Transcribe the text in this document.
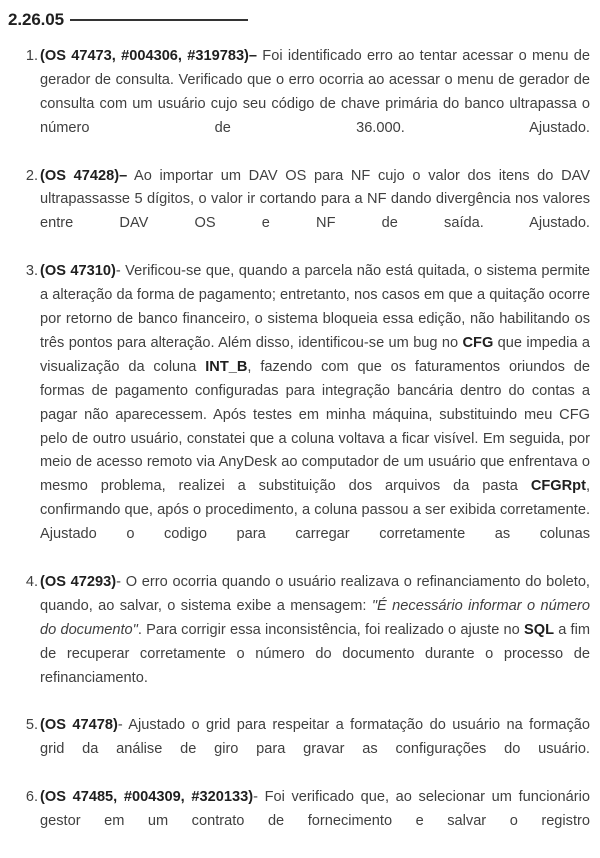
2.26.05
1. (OS 47473, #004306, #319783)– Foi identificado erro ao tentar acessar o menu de gerador de consulta. Verificado que o erro ocorria ao acessar o menu de gerador de consulta com um usuário cujo seu código de chave primária do banco ultrapassa o número de 36.000. Ajustado.
2. (OS 47428)– Ao importar um DAV OS para NF cujo o valor dos itens do DAV ultrapassasse 5 dígitos, o valor ir cortando para a NF dando divergência nos valores entre DAV OS e NF de saída. Ajustado.
3. (OS 47310)- Verificou-se que, quando a parcela não está quitada, o sistema permite a alteração da forma de pagamento; entretanto, nos casos em que a quitação ocorre por retorno de banco financeiro, o sistema bloqueia essa edição, não habilitando os três pontos para alteração. Além disso, identificou-se um bug no CFG que impedia a visualização da coluna INT_B, fazendo com que os faturamentos oriundos de formas de pagamento configuradas para integração bancária dentro do contas a pagar não aparecessem. Após testes em minha máquina, substituindo meu CFG pelo de outro usuário, constatei que a coluna voltava a ficar visível. Em seguida, por meio de acesso remoto via AnyDesk ao computador de um usuário que enfrentava o mesmo problema, realizei a substituição dos arquivos da pasta CFGRpt, confirmando que, após o procedimento, a coluna passou a ser exibida corretamente. Ajustado o codigo para carregar corretamente as colunas
4. (OS 47293)- O erro ocorria quando o usuário realizava o refinanciamento do boleto, quando, ao salvar, o sistema exibe a mensagem: "É necessário informar o número do documento". Para corrigir essa inconsistência, foi realizado o ajuste no SQL a fim de recuperar corretamente o número do documento durante o processo de refinanciamento.
5. (OS 47478)- Ajustado o grid para respeitar a formatação do usuário na formação grid da análise de giro para gravar as configurações do usuário.
6. (OS 47485, #004309, #320133)- Foi verificado que, ao selecionar um funcionário gestor em um contrato de fornecimento e salvar o registro
